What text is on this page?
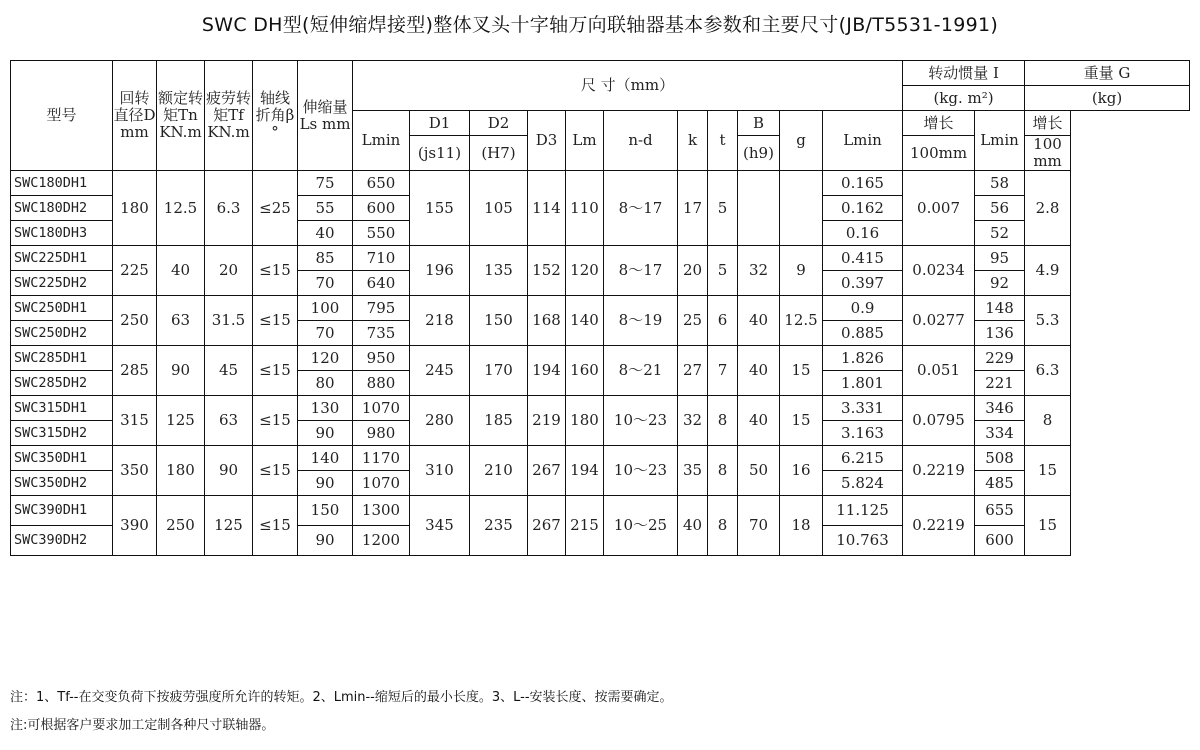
SWC DH型(短伸缩焊接型)整体叉头十字轴万向联轴器基本参数和主要尺寸(JB/T5531-1991)
型号	回转直径D mm	额定转矩Tn KN.m	疲劳转矩Tf KN.m	轴线折角β °	伸缩量Ls mm	尺 寸（mm）											转动惯量 I		重量 G
																	(kg. m²)		(kg)
						Lmin	D1	D2	D3	Lm	n-d	k	t	B	g	Lmin	增长	Lmin	增长
							(js11)	(H7)						(h9)			100mm		100 mm
SWC180DH1	180	12.5	6.3	≤25	75	650	155	105	114	110	8～17	17	5			0.165	0.007	58	2.8
SWC180DH2					55	600										0.162		56	
SWC180DH3					40	550										0.16		52	
SWC225DH1	225	40	20	≤15	85	710	196	135	152	120	8～17	20	5	32	9	0.415	0.0234	95	4.9
SWC225DH2					70	640										0.397		92	
SWC250DH1	250	63	31.5	≤15	100	795	218	150	168	140	8～19	25	6	40	12.5	0.9	0.0277	148	5.3
SWC250DH2					70	735										0.885		136	
SWC285DH1	285	90	45	≤15	120	950	245	170	194	160	8～21	27	7	40	15	1.826	0.051	229	6.3
SWC285DH2					80	880										1.801		221	
SWC315DH1	315	125	63	≤15	130	1070	280	185	219	180	10～23	32	8	40	15	3.331	0.0795	346	8
SWC315DH2					90	980										3.163		334	
SWC350DH1	350	180	90	≤15	140	1170	310	210	267	194	10～23	35	8	50	16	6.215	0.2219	508	15
SWC350DH2					90	1070										5.824		485	
SWC390DH1	390	250	125	≤15	150	1300	345	235	267	215	10～25	40	8	70	18	11.125	0.2219	655	15
SWC390DH2					90	1200										10.763		600	
注：1、Tf--在交变负荷下按疲劳强度所允许的转矩。2、Lmin--缩短后的最小长度。3、L--安装长度、按需要确定。
注:可根据客户要求加工定制各种尺寸联轴器。
